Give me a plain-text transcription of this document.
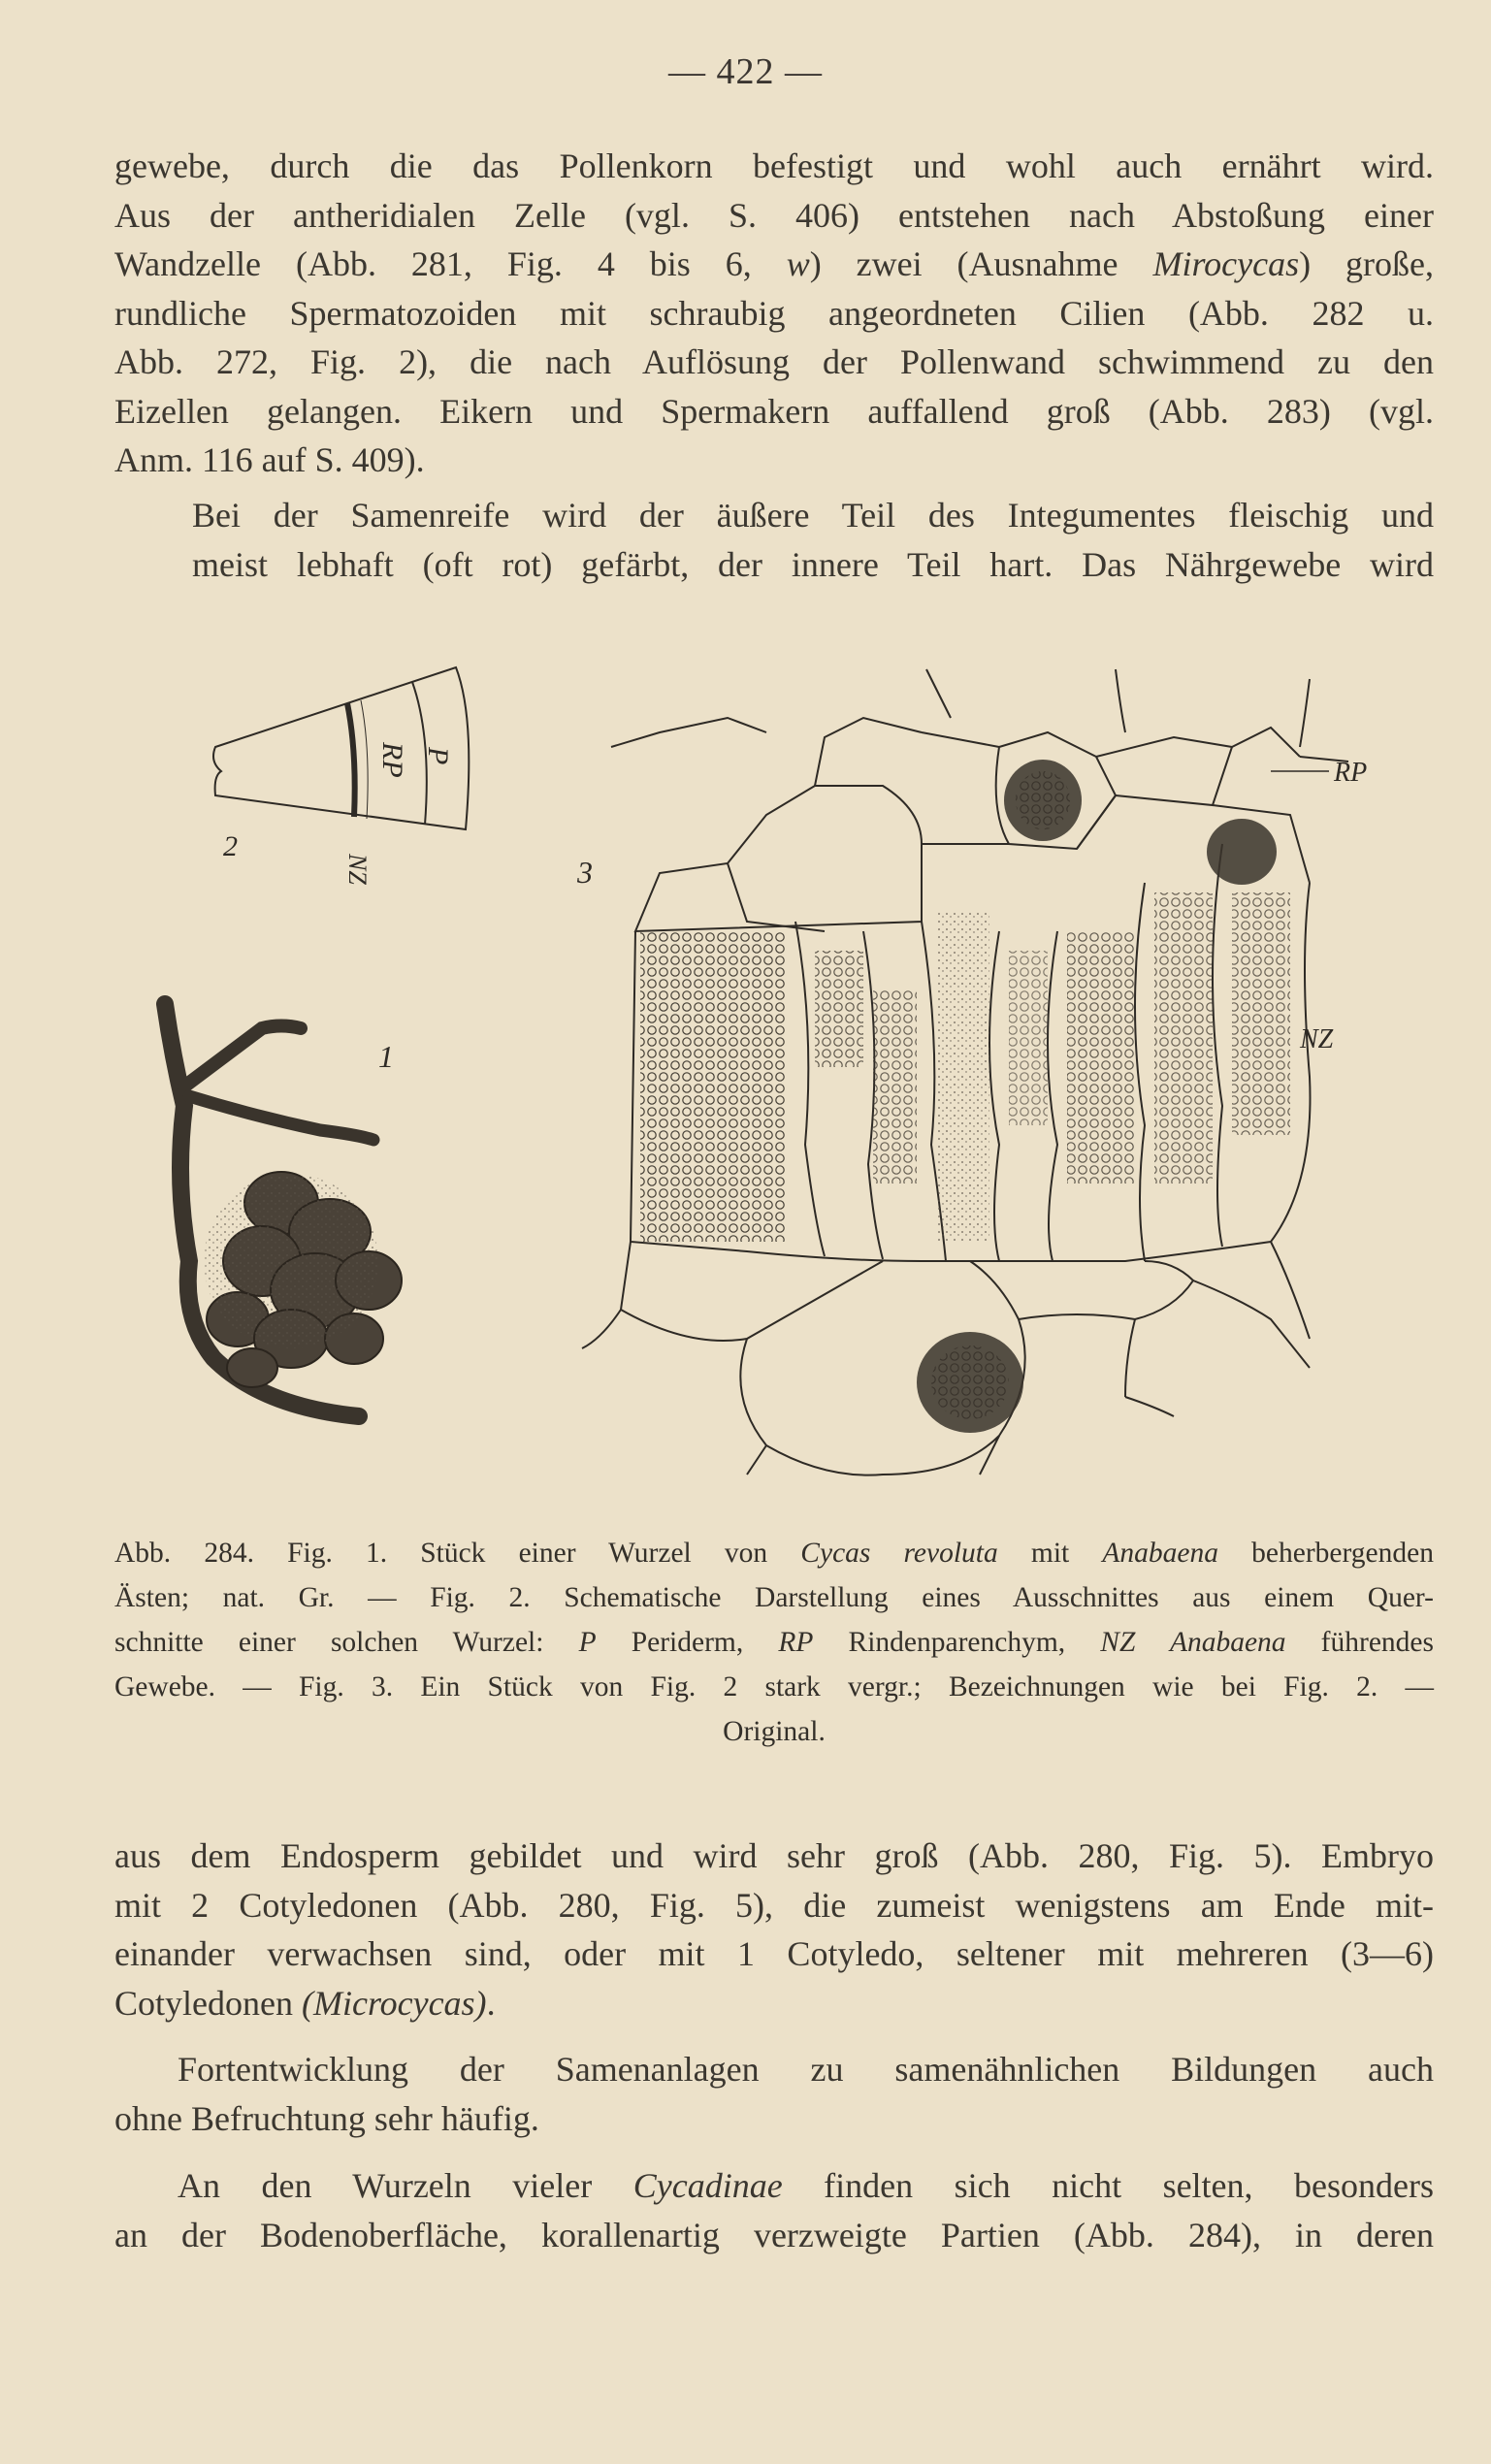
— 422 —
gewebe, durch die das Pollenkorn befestigt und wohl auch ernährt wird.
Aus der antheridialen Zelle (vgl. S. 406) entstehen nach Abstoßung einer
Wandzelle (Abb. 281, Fig. 4 bis 6, w) zwei (Ausnahme Mirocycas) große,
rundliche Spermatozoiden mit schraubig angeordneten Cilien (Abb. 282 u.
Abb. 272, Fig. 2), die nach Auflösung der Pollenwand schwimmend zu den
Eizellen gelangen. Eikern und Spermakern auffallend groß (Abb. 283) (vgl.
Anm. 116 auf S. 409).
Bei der Samenreife wird der äußere Teil des Integumentes fleischig und
meist lebhaft (oft rot) gefärbt, der innere Teil hart. Das Nährgewebe wird
2
P
RP
NZ
1
3
RP
NZ
Abb. 284. Fig. 1. Stück einer Wurzel von Cycas revoluta mit Anabaena beherbergenden
Ästen; nat. Gr. — Fig. 2. Schematische Darstellung eines Ausschnittes aus einem Quer-
schnitte einer solchen Wurzel: P Periderm, RP Rindenparenchym, NZ Anabaena führendes
Gewebe. — Fig. 3. Ein Stück von Fig. 2 stark vergr.; Bezeichnungen wie bei Fig. 2. —
Original.
aus dem Endosperm gebildet und wird sehr groß (Abb. 280, Fig. 5). Embryo
mit 2 Cotyledonen (Abb. 280, Fig. 5), die zumeist wenigstens am Ende mit-
einander verwachsen sind, oder mit 1 Cotyledo, seltener mit mehreren (3—6)
Cotyledonen (Microcycas).
Fortentwicklung der Samenanlagen zu samenähnlichen Bildungen auch
ohne Befruchtung sehr häufig.
An den Wurzeln vieler Cycadinae finden sich nicht selten, besonders
an der Bodenoberfläche, korallenartig verzweigte Partien (Abb. 284), in deren
